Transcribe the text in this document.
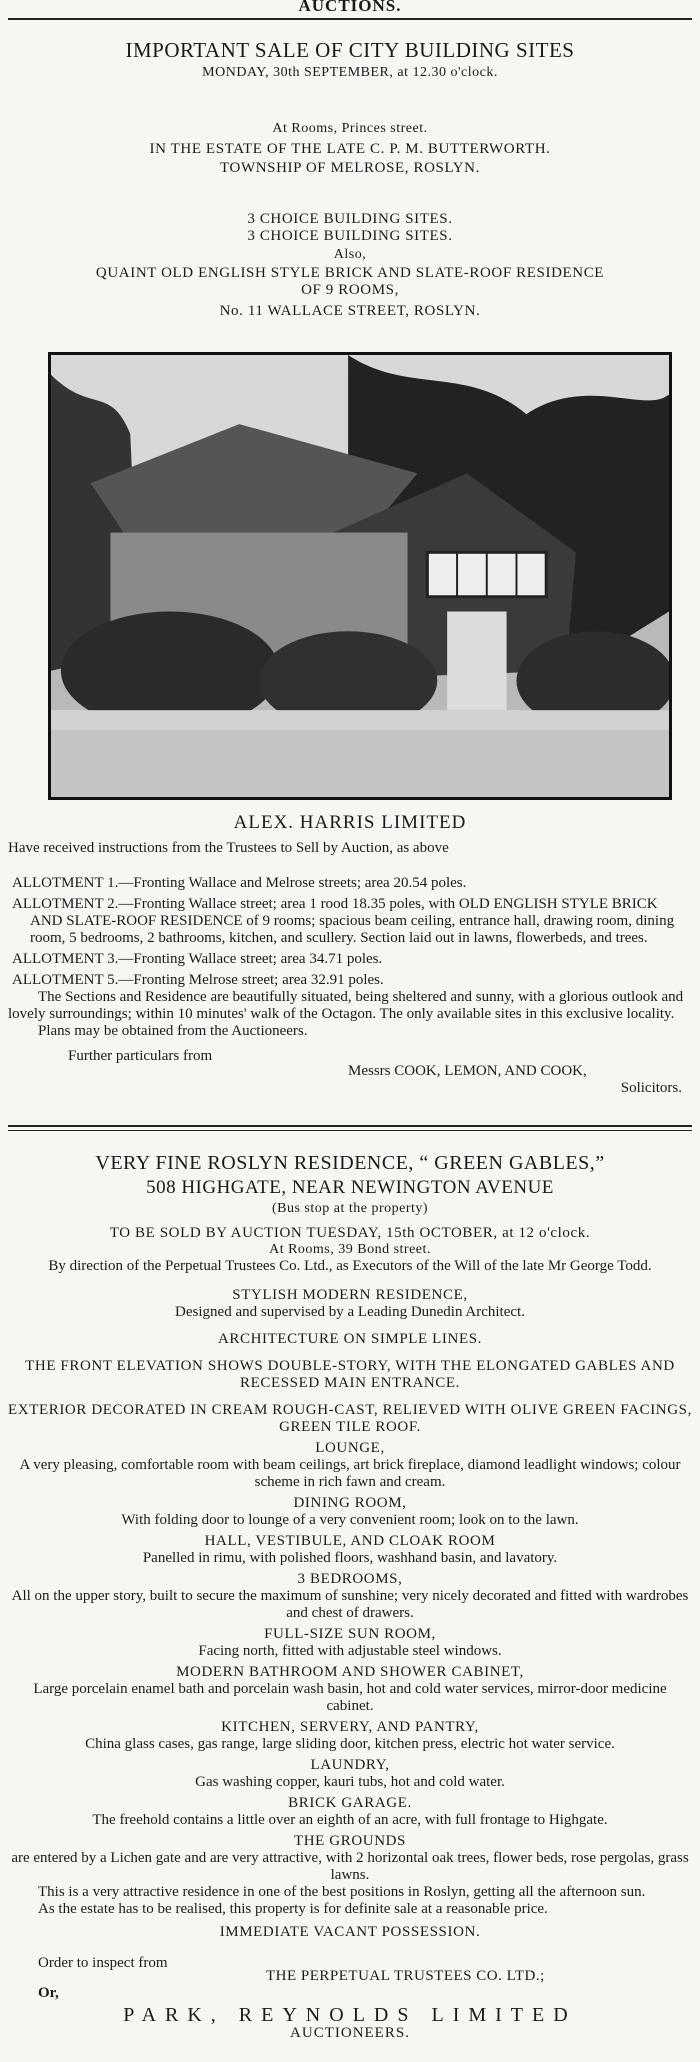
AUCTIONS.

IMPORTANT SALE OF CITY BUILDING SITES

MONDAY, 30th SEPTEMBER, at 12.30 o'clock.

At Rooms, Princes street.

IN THE ESTATE OF THE LATE C. P. M. BUTTERWORTH.

TOWNSHIP OF MELROSE, ROSLYN.

3 CHOICE BUILDING SITES.

3 CHOICE BUILDING SITES.

Also,

QUAINT OLD ENGLISH STYLE BRICK AND SLATE-ROOF RESIDENCE

OF 9 ROOMS,

No. 11 WALLACE STREET, ROSLYN.

ALEX. HARRIS LIMITED

Have received instructions from the Trustees to Sell by Auction, as above

ALLOTMENT 1.—Fronting Wallace and Melrose streets; area 20.54 poles.

ALLOTMENT 2.—Fronting Wallace street; area 1 rood 18.35 poles, with OLD ENGLISH STYLE BRICK AND SLATE-ROOF RESIDENCE of 9 rooms; spacious beam ceiling, entrance hall, drawing room, dining room, 5 bedrooms, 2 bathrooms, kitchen, and scullery. Section laid out in lawns, flowerbeds, and trees.

ALLOTMENT 3.—Fronting Wallace street; area 34.71 poles.

ALLOTMENT 5.—Fronting Melrose street; area 32.91 poles.

The Sections and Residence are beautifully situated, being sheltered and sunny, with a glorious outlook and lovely surroundings; within 10 minutes' walk of the Octagon. The only available sites in this exclusive locality.

Plans may be obtained from the Auctioneers.

Further particulars from

Messrs COOK, LEMON, AND COOK,

Solicitors.

VERY FINE ROSLYN RESIDENCE, “ GREEN GABLES,”

508 HIGHGATE, NEAR NEWINGTON AVENUE

(Bus stop at the property)

TO BE SOLD BY AUCTION TUESDAY, 15th OCTOBER, at 12 o'clock.

At Rooms, 39 Bond street.

By direction of the Perpetual Trustees Co. Ltd., as Executors of the Will of the late Mr George Todd.

STYLISH MODERN RESIDENCE,

Designed and supervised by a Leading Dunedin Architect.

ARCHITECTURE ON SIMPLE LINES.

THE FRONT ELEVATION SHOWS DOUBLE-STORY, WITH THE ELONGATED GABLES AND RECESSED MAIN ENTRANCE.

EXTERIOR DECORATED IN CREAM ROUGH-CAST, RELIEVED WITH OLIVE GREEN FACINGS, GREEN TILE ROOF.

LOUNGE,

A very pleasing, comfortable room with beam ceilings, art brick fireplace, diamond leadlight windows; colour scheme in rich fawn and cream.

DINING ROOM,

With folding door to lounge of a very convenient room; look on to the lawn.

HALL, VESTIBULE, AND CLOAK ROOM

Panelled in rimu, with polished floors, washhand basin, and lavatory.

3 BEDROOMS,

All on the upper story, built to secure the maximum of sunshine; very nicely decorated and fitted with wardrobes and chest of drawers.

FULL-SIZE SUN ROOM,

Facing north, fitted with adjustable steel windows.

MODERN BATHROOM AND SHOWER CABINET,

Large porcelain enamel bath and porcelain wash basin, hot and cold water services, mirror-door medicine cabinet.

KITCHEN, SERVERY, AND PANTRY,

China glass cases, gas range, large sliding door, kitchen press, electric hot water service.

LAUNDRY,

Gas washing copper, kauri tubs, hot and cold water.

BRICK GARAGE.

The freehold contains a little over an eighth of an acre, with full frontage to Highgate.

THE GROUNDS

are entered by a Lichen gate and are very attractive, with 2 horizontal oak trees, flower beds, rose pergolas, grass lawns.

This is a very attractive residence in one of the best positions in Roslyn, getting all the afternoon sun.

As the estate has to be realised, this property is for definite sale at a reasonable price.

IMMEDIATE VACANT POSSESSION.

Order to inspect from

THE PERPETUAL TRUSTEES CO. LTD.;

Or,

PARK, REYNOLDS LIMITED

AUCTIONEERS.
